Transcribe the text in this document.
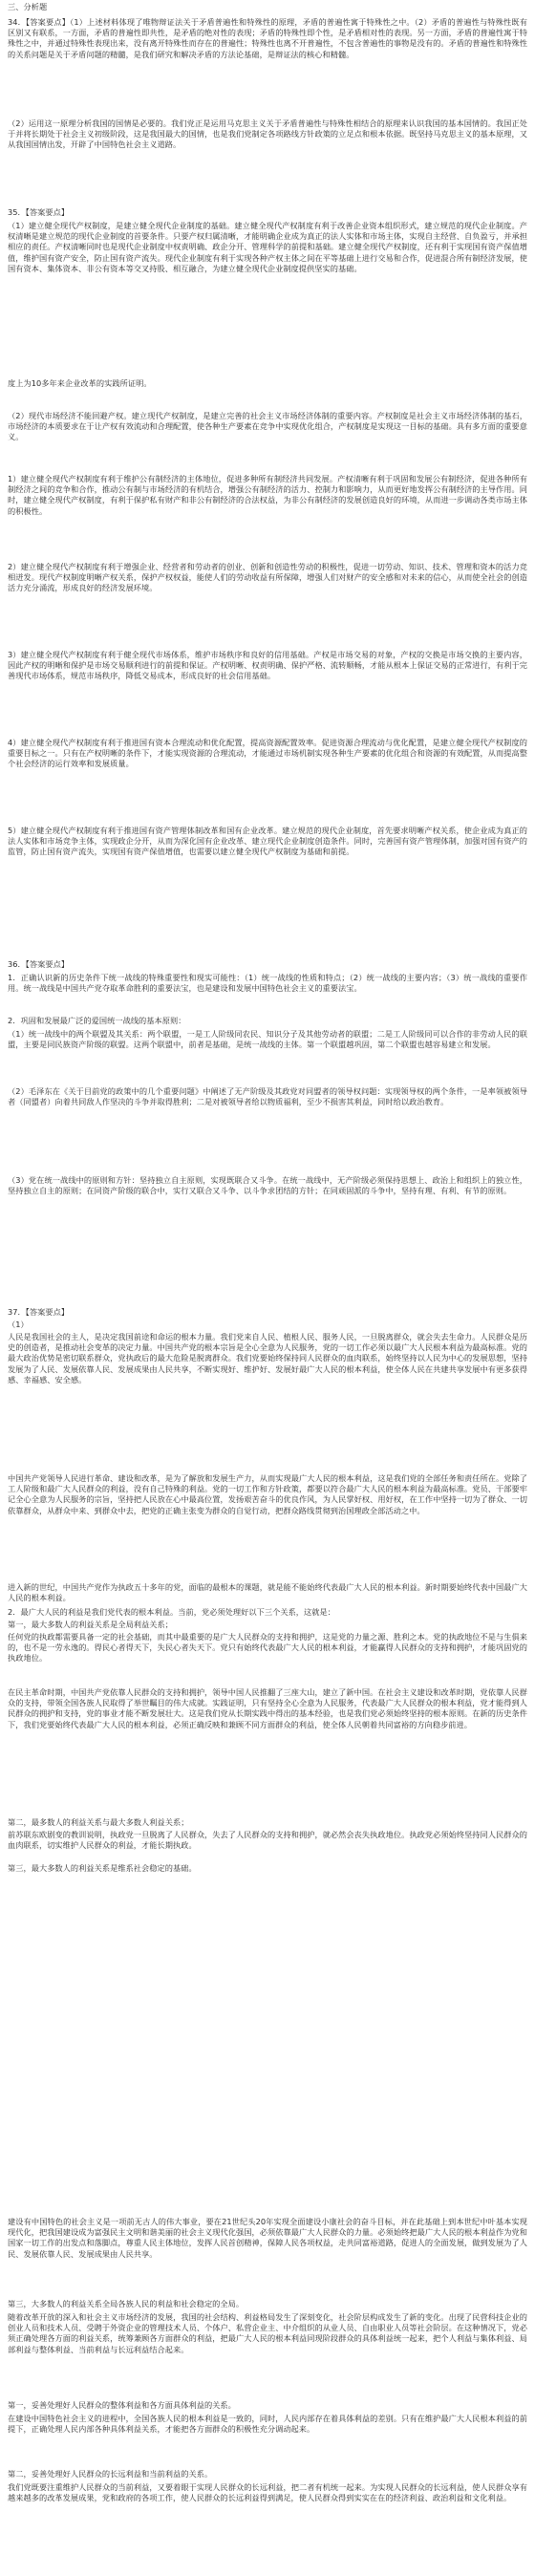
三、分析题
34．【答案要点】（1）上述材料体现了唯物辩证法关于矛盾普遍性和特殊性的原理，矛盾的普遍性寓于特殊性之中。（2）矛盾的普遍性与特殊性既有区别又有联系，一方面，矛盾的普遍性即共性，是矛盾的绝对性的表现；矛盾的特殊性即个性，是矛盾相对性的表现。另一方面，矛盾的普遍性寓于特殊性之中，并通过特殊性表现出来，没有离开特殊性而存在的普遍性；特殊性也离不开普遍性，不包含普遍性的事物是没有的。矛盾的普遍性和特殊性的关系问题是关于矛盾问题的精髓，是我们研究和解决矛盾的方法论基础，是辩证法的核心和精髓。
（2）运用这一原理分析我国的国情是必要的。我们党正是运用马克思主义关于矛盾普遍性与特殊性相结合的原理来认识我国的基本国情的。我国正处于并将长期处于社会主义初级阶段，这是我国最大的国情，也是我们党制定各项路线方针政策的立足点和根本依据。既坚持马克思主义的基本原理，又从我国国情出发，开辟了中国特色社会主义道路。
35．【答案要点】
（1）建立健全现代产权制度，是建立健全现代企业制度的基础。建立健全现代产权制度有利于改善企业资本组织形式，建立规范的现代企业制度。产权清晰是建立规范的现代企业制度的首要条件。只要产权归属清晰，才能明确企业成为真正的法人实体和市场主体，实现自主经营、自负盈亏，并承担相应的责任。产权清晰同时也是现代企业制度中权责明确、政企分开、管理科学的前提和基础。建立健全现代产权制度，还有利于实现国有资产保值增值，维护国有资产安全，防止国有资产流失。现代企业制度有利于实现各种产权主体之间在平等基础上进行交易和合作，促进混合所有制经济发展，使国有资本、集体资本、非公有资本等交叉持股、相互融合，为建立健全现代企业制度提供坚实的基础。
度上为10多年来企业改革的实践所证明。
（2）现代市场经济不能回避产权。建立现代产权制度，是建立完善的社会主义市场经济体制的重要内容。产权制度是社会主义市场经济体制的基石，市场经济的本质要求在于让产权有效流动和合理配置，使各种生产要素在竞争中实现优化组合，产权制度是实现这一目标的基础。具有多方面的重要意义。
1）建立健全现代产权制度有利于维护公有制经济的主体地位，促进多种所有制经济共同发展。产权清晰有利于巩固和发展公有制经济，促进各种所有制经济之间的竞争和合作，推动公有制与市场经济的有机结合，增强公有制经济的活力、控制力和影响力，从而更好地发挥公有制经济的主导作用。同时，建立健全现代产权制度，有利于保护私有财产和非公有制经济的合法权益，为非公有制经济的发展创造良好的环境，从而进一步调动各类市场主体的积极性。
2）建立健全现代产权制度有利于增强企业、经营者和劳动者的创业、创新和创造性劳动的积极性，促进一切劳动、知识、技术、管理和资本的活力竞相迸发。现代产权制度明晰产权关系，保护产权权益，能使人们的劳动收益有所保障，增强人们对财产的安全感和对未来的信心，从而使全社会的创造活力充分涌流，形成良好的经济发展环境。
3）建立健全现代产权制度有利于健全现代市场体系，维护市场秩序和良好的信用基础。产权是市场交易的对象，产权的交换是市场交换的主要内容，因此产权的明晰和保护是市场交易顺利进行的前提和保证。产权明晰、权责明确、保护严格、流转顺畅，才能从根本上保证交易的正常进行，有利于完善现代市场体系，规范市场秩序，降低交易成本，形成良好的社会信用基础。
4）建立健全现代产权制度有利于推进国有资本合理流动和优化配置，提高资源配置效率。促进资源合理流动与优化配置，是建立健全现代产权制度的重要目标之一。只有在产权明晰的条件下，才能实现资源的合理流动，才能通过市场机制实现各种生产要素的优化组合和资源的有效配置，从而提高整个社会经济的运行效率和发展质量。
5）建立健全现代产权制度有利于推进国有资产管理体制改革和国有企业改革。建立规范的现代企业制度，首先要求明晰产权关系，使企业成为真正的法人实体和市场竞争主体，实现政企分开，从而为深化国有企业改革、建立现代企业制度创造条件。同时，完善国有资产管理体制，加强对国有资产的监管，防止国有资产流失，实现国有资产保值增值，也需要以建立健全现代产权制度为基础和前提。
36．【答案要点】
1．正确认识新的历史条件下统一战线的特殊重要性和现实可能性：（1）统一战线的性质和特点；（2）统一战线的主要内容；（3）统一战线的重要作用。统一战线是中国共产党夺取革命胜利的重要法宝，也是建设和发展中国特色社会主义的重要法宝。
2．巩固和发展最广泛的爱国统一战线的基本原则：
（1）统一战线中的两个联盟及其关系：两个联盟，一是工人阶级同农民、知识分子及其他劳动者的联盟；二是工人阶级同可以合作的非劳动人民的联盟，主要是同民族资产阶级的联盟。这两个联盟中，前者是基础，是统一战线的主体。第一个联盟越巩固，第二个联盟也越容易建立和发展。
（2）毛泽东在《关于目前党的政策中的几个重要问题》中阐述了无产阶级及其政党对同盟者的领导权问题：实现领导权的两个条件，一是率领被领导者（同盟者）向着共同敌人作坚决的斗争并取得胜利；二是对被领导者给以物质福利，至少不损害其利益，同时给以政治教育。
（3）党在统一战线中的原则和方针：坚持独立自主原则，实现既联合又斗争。在统一战线中，无产阶级必须保持思想上、政治上和组织上的独立性，坚持独立自主的原则；在同资产阶级的联合中，实行又联合又斗争、以斗争求团结的方针；在同顽固派的斗争中，坚持有理、有利、有节的原则。
37．【答案要点】
（1）
人民是我国社会的主人，是决定我国前途和命运的根本力量。我们党来自人民、植根人民、服务人民，一旦脱离群众，就会失去生命力。人民群众是历史的创造者，是推动社会变革的决定力量。中国共产党的根本宗旨是全心全意为人民服务，党的一切工作必须以最广大人民根本利益为最高标准。党的最大政治优势是密切联系群众，党执政后的最大危险是脱离群众。我们党要始终保持同人民群众的血肉联系，始终坚持以人民为中心的发展思想，坚持发展为了人民、发展依靠人民、发展成果由人民共享，不断实现好、维护好、发展好最广大人民的根本利益，使全体人民在共建共享发展中有更多获得感、幸福感、安全感。
中国共产党领导人民进行革命、建设和改革，是为了解放和发展生产力，从而实现最广大人民的根本利益，这是我们党的全部任务和责任所在。党除了工人阶级和最广大人民群众的利益，没有自己特殊的利益。党的一切工作和方针政策，都要以符合最广大人民的根本利益为最高标准。党员、干部要牢记全心全意为人民服务的宗旨，坚持把人民放在心中最高位置，发扬艰苦奋斗的优良作风，为人民掌好权、用好权，在工作中坚持一切为了群众、一切依靠群众，从群众中来、到群众中去，把党的正确主张变为群众的自觉行动，把群众路线贯彻到治国理政全部活动之中。
进入新的世纪，中国共产党作为执政五十多年的党，面临的最根本的课题，就是能不能始终代表最广大人民的根本利益。新时期要始终代表中国最广大人民的根本利益。
2．最广大人民的利益是我们党代表的根本利益。当前，党必须处理好以下三个关系，这就是：
第一，最大多数人的利益关系是全局利益关系；
任何党的执政都需要具备一定的社会基础，而其中最重要的是广大人民群众的支持和拥护，这是党的力量之源、胜利之本。党的执政地位不是与生俱来的，也不是一劳永逸的。得民心者得天下，失民心者失天下。党只有始终代表最广大人民的根本利益，才能赢得人民群众的支持和拥护，才能巩固党的执政地位。
在民主革命时期，中国共产党依靠人民群众的支持和拥护，领导中国人民推翻了三座大山，建立了新中国。在社会主义建设和改革时期，党依靠人民群众的支持，带领全国各族人民取得了举世瞩目的伟大成就。实践证明，只有坚持全心全意为人民服务，代表最广大人民群众的根本利益，党才能得到人民群众的拥护和支持，党的事业才能不断发展壮大。这是我们党从长期实践中得出的基本经验，也是我们党必须始终坚持的根本原则。在新的历史条件下，我们党要始终代表最广大人民的根本利益，必须正确反映和兼顾不同方面群众的利益，使全体人民朝着共同富裕的方向稳步前进。
第二，最多数人的利益关系与最大多数人利益关系；
前苏联东欧剧变的教训说明，执政党一旦脱离了人民群众，失去了人民群众的支持和拥护，就必然会丧失执政地位。执政党必须始终坚持同人民群众的血肉联系，切实维护人民群众的利益，才能长期执政。
第三，最大多数人的利益关系是维系社会稳定的基础。
建设有中国特色的社会主义是一项前无古人的伟大事业，要在21世纪头20年实现全面建设小康社会的奋斗目标，并在此基础上到本世纪中叶基本实现现代化，把我国建设成为富强民主文明和谐美丽的社会主义现代化强国，必须依靠最广大人民群众的力量。必须始终把最广大人民的根本利益作为党和国家一切工作的出发点和落脚点，尊重人民主体地位，发挥人民首创精神，保障人民各项权益，走共同富裕道路，促进人的全面发展，做到发展为了人民、发展依靠人民、发展成果由人民共享。
第三，大多数人的利益关系全局各族人民的利益和社会稳定的全局。
随着改革开放的深入和社会主义市场经济的发展，我国的社会结构、利益格局发生了深刻变化，社会阶层构成发生了新的变化。出现了民营科技企业的创业人员和技术人员、受聘于外资企业的管理技术人员、个体户、私营企业主、中介组织的从业人员、自由职业人员等社会阶层。在这种情况下，党必须正确处理各方面的利益关系，统筹兼顾各方面群众的利益，把最广大人民的根本利益同现阶段群众的具体利益统一起来，把个人利益与集体利益、局部利益与整体利益、当前利益与长远利益结合起来。
第一，妥善处理好人民群众的整体利益和各方面具体利益的关系。
在建设中国特色社会主义的进程中，全国各族人民的根本利益是一致的，同时，人民内部存在着具体利益的差别。只有在维护最广大人民根本利益的前提下，正确处理人民内部各种具体利益关系，才能把各方面群众的积极性充分调动起来。
第二，妥善处理好人民群众的长远利益和当前利益的关系。
我们党既要注重维护人民群众的当前利益，又要着眼于实现人民群众的长远利益，把二者有机统一起来。为实现人民群众的长远利益，使人民群众享有越来越多的改革发展成果，党和政府的各项工作，使人民群众的长远利益得到满足，使人民群众得到实实在在的经济利益、政治利益和文化利益。
